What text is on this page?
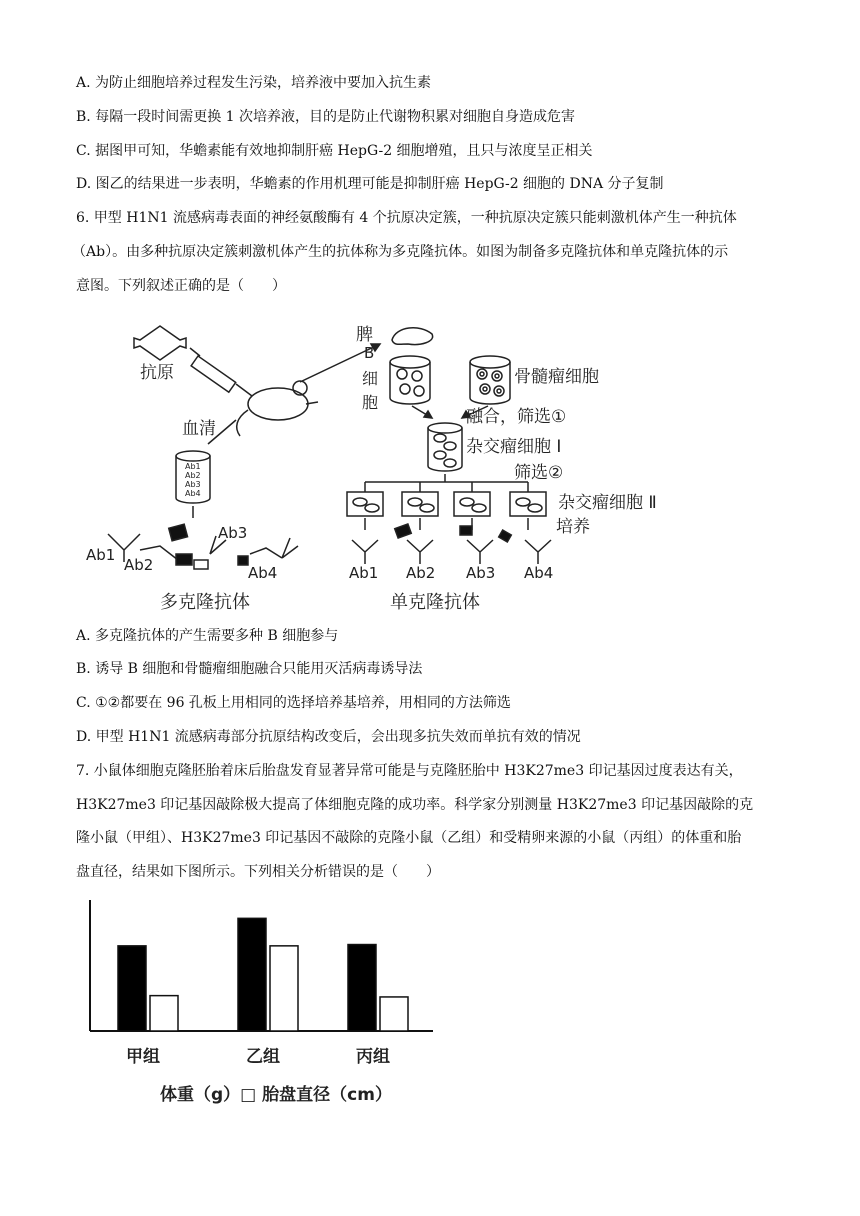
A. 为防止细胞培养过程发生污染，培养液中要加入抗生素
B. 每隔一段时间需更换 1 次培养液，目的是防止代谢物积累对细胞自身造成危害
C. 据图甲可知，华蟾素能有效地抑制肝癌 HepG-2 细胞增殖，且只与浓度呈正相关
D. 图乙的结果进一步表明，华蟾素的作用机理可能是抑制肝癌 HepG-2 细胞的 DNA 分子复制
6. 甲型 H1N1 流感病毒表面的神经氨酸酶有 4 个抗原决定簇，一种抗原决定簇只能刺激机体产生一种抗体
（Ab）。由多种抗原决定簇刺激机体产生的抗体称为多克隆抗体。如图为制备多克隆抗体和单克隆抗体的示
意图。下列叙述正确的是（　　）
抗原
脾
B
细
胞
骨髓瘤细胞
融合，筛选①
杂交瘤细胞 Ⅰ
筛选②
杂交瘤细胞 Ⅱ
培养
血清
Ab1
Ab2
Ab3
Ab4
Ab1
Ab2
Ab3
Ab4	Ab1 Ab2 Ab3 Ab4
多克隆抗体	单克隆抗体
A. 多克隆抗体的产生需要多种 B 细胞参与
B. 诱导 B 细胞和骨髓瘤细胞融合只能用灭活病毒诱导法
C. ①②都要在 96 孔板上用相同的选择培养基培养，用相同的方法筛选
D. 甲型 H1N1 流感病毒部分抗原结构改变后，会出现多抗失效而单抗有效的情况
7. 小鼠体细胞克隆胚胎着床后胎盘发育显著异常可能是与克隆胚胎中 H3K27me3 印记基因过度表达有关，
H3K27me3 印记基因敲除极大提高了体细胞克隆的成功率。科学家分别测量 H3K27me3 印记基因敲除的克
隆小鼠（甲组）、H3K27me3 印记基因不敲除的克隆小鼠（乙组）和受精卵来源的小鼠（丙组）的体重和胎
盘直径，结果如下图所示。下列相关分析错误的是（　　）
甲组	乙组	丙组
体重（g）□ 胎盘直径（cm）
